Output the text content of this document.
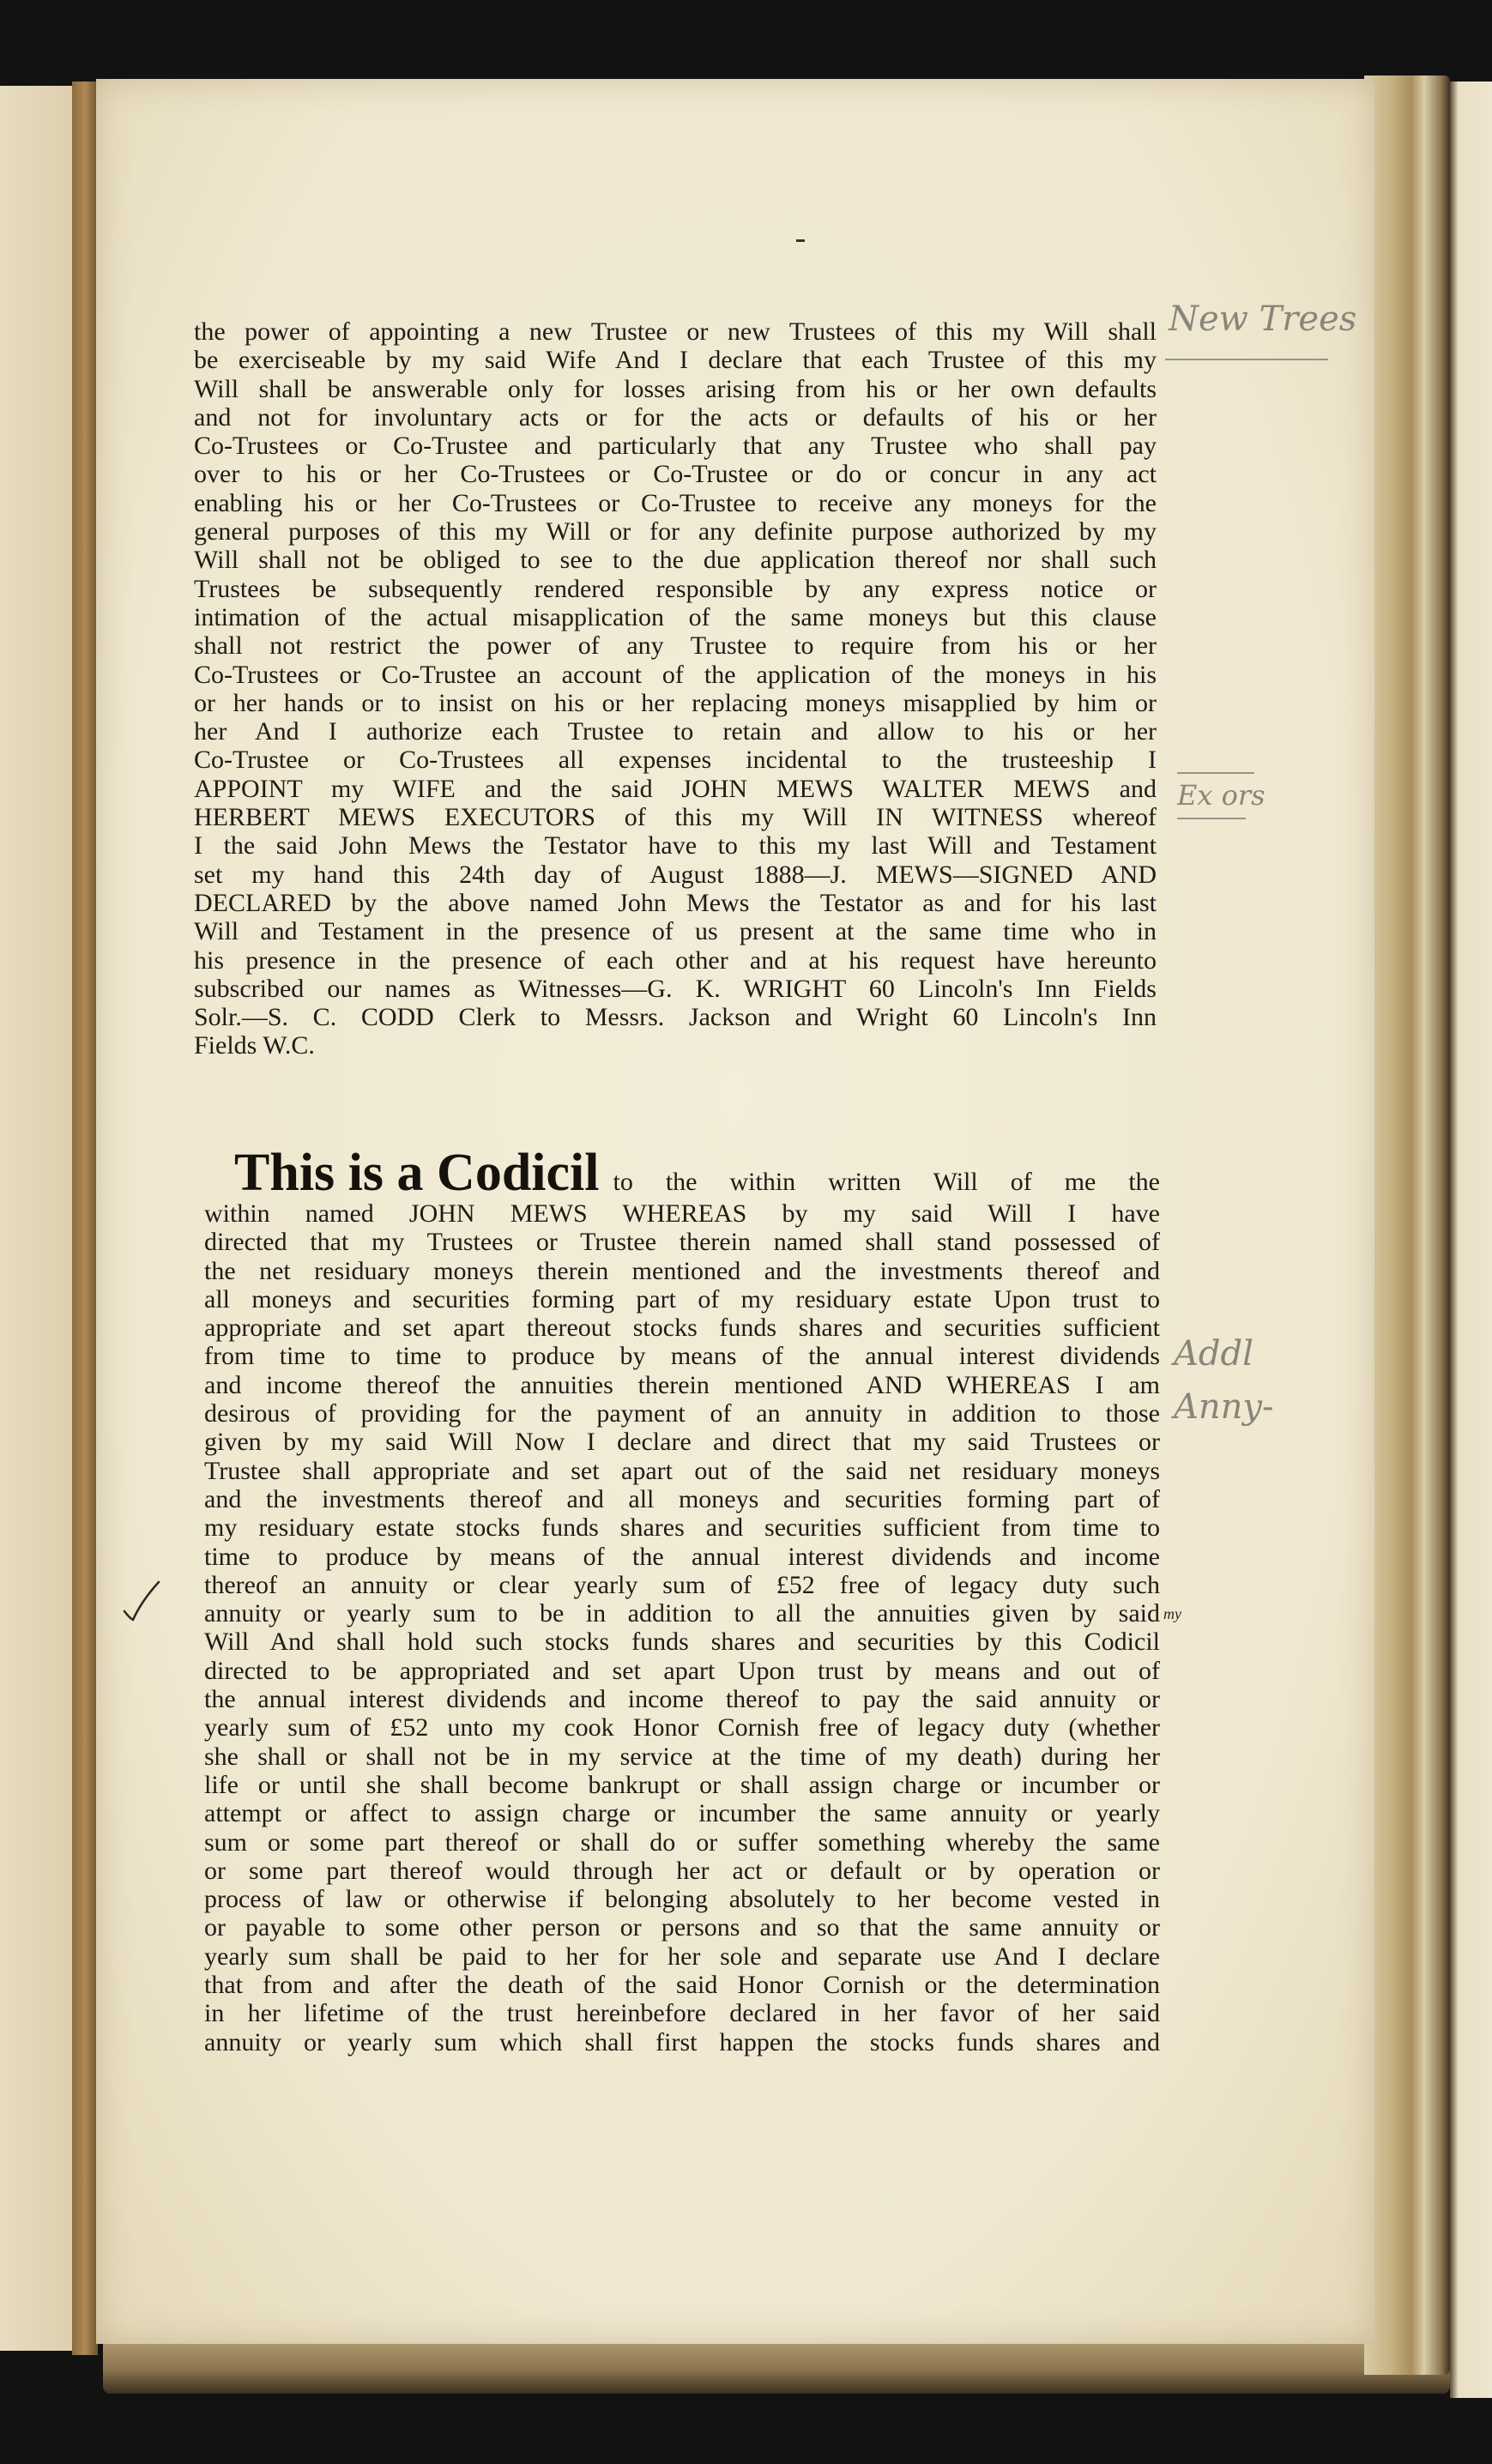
the power of appointing a new Trustee or new Trustees of this my Will shall
be exerciseable by my said Wife And I declare that each Trustee of this my
Will shall be answerable only for losses arising from his or her own defaults
and not for involuntary acts or for the acts or defaults of his or her
Co-Trustees or Co-Trustee and particularly that any Trustee who shall pay
over to his or her Co-Trustees or Co-Trustee or do or concur in any act
enabling his or her Co-Trustees or Co-Trustee to receive any moneys for the
general purposes of this my Will or for any definite purpose authorized by my
Will shall not be obliged to see to the due application thereof nor shall such
Trustees be subsequently rendered responsible by any express notice or
intimation of the actual misapplication of the same moneys but this clause
shall not restrict the power of any Trustee to require from his or her
Co-Trustees or Co-Trustee an account of the application of the moneys in his
or her hands or to insist on his or her replacing moneys misapplied by him or
her And I authorize each Trustee to retain and allow to his or her
Co-Trustee or Co-Trustees all expenses incidental to the trusteeship I
APPOINT my WIFE and the said JOHN MEWS WALTER MEWS and
HERBERT MEWS EXECUTORS of this my Will IN WITNESS whereof
I the said John Mews the Testator have to this my last Will and Testament
set my hand this 24th day of August 1888—J. MEWS—SIGNED AND
DECLARED by the above named John Mews the Testator as and for his last
Will and Testament in the presence of us present at the same time who in
his presence in the presence of each other and at his request have hereunto
subscribed our names as Witnesses—G. K. WRIGHT 60 Lincoln's Inn Fields
Solr.—S. C. CODD Clerk to Messrs. Jackson and Wright 60 Lincoln's Inn
Fields W.C.
This is a Codicil to the within written Will of me the
within named JOHN MEWS WHEREAS by my said Will I have
directed that my Trustees or Trustee therein named shall stand possessed of
the net residuary moneys therein mentioned and the investments thereof and
all moneys and securities forming part of my residuary estate Upon trust to
appropriate and set apart thereout stocks funds shares and securities sufficient
from time to time to produce by means of the annual interest dividends
and income thereof the annuities therein mentioned AND WHEREAS I am
desirous of providing for the payment of an annuity in addition to those
given by my said Will Now I declare and direct that my said Trustees or
Trustee shall appropriate and set apart out of the said net residuary moneys
and the investments thereof and all moneys and securities forming part of
my residuary estate stocks funds shares and securities sufficient from time to
time to produce by means of the annual interest dividends and income
thereof an annuity or clear yearly sum of £52 free of legacy duty such
annuity or yearly sum to be in addition to all the annuities given by said
Will And shall hold such stocks funds shares and securities by this Codicil
directed to be appropriated and set apart Upon trust by means and out of
the annual interest dividends and income thereof to pay the said annuity or
yearly sum of £52 unto my cook Honor Cornish free of legacy duty (whether
she shall or shall not be in my service at the time of my death) during her
life or until she shall become bankrupt or shall assign charge or incumber or
attempt or affect to assign charge or incumber the same annuity or yearly
sum or some part thereof or shall do or suffer something whereby the same
or some part thereof would through her act or default or by operation or
process of law or otherwise if belonging absolutely to her become vested in
or payable to some other person or persons and so that the same annuity or
yearly sum shall be paid to her for her sole and separate use And I declare
that from and after the death of the said Honor Cornish or the determination
in her lifetime of the trust hereinbefore declared in her favor of her said
annuity or yearly sum which shall first happen the stocks funds shares and
my
New Trees
Ex ors
Addl
Anny-
